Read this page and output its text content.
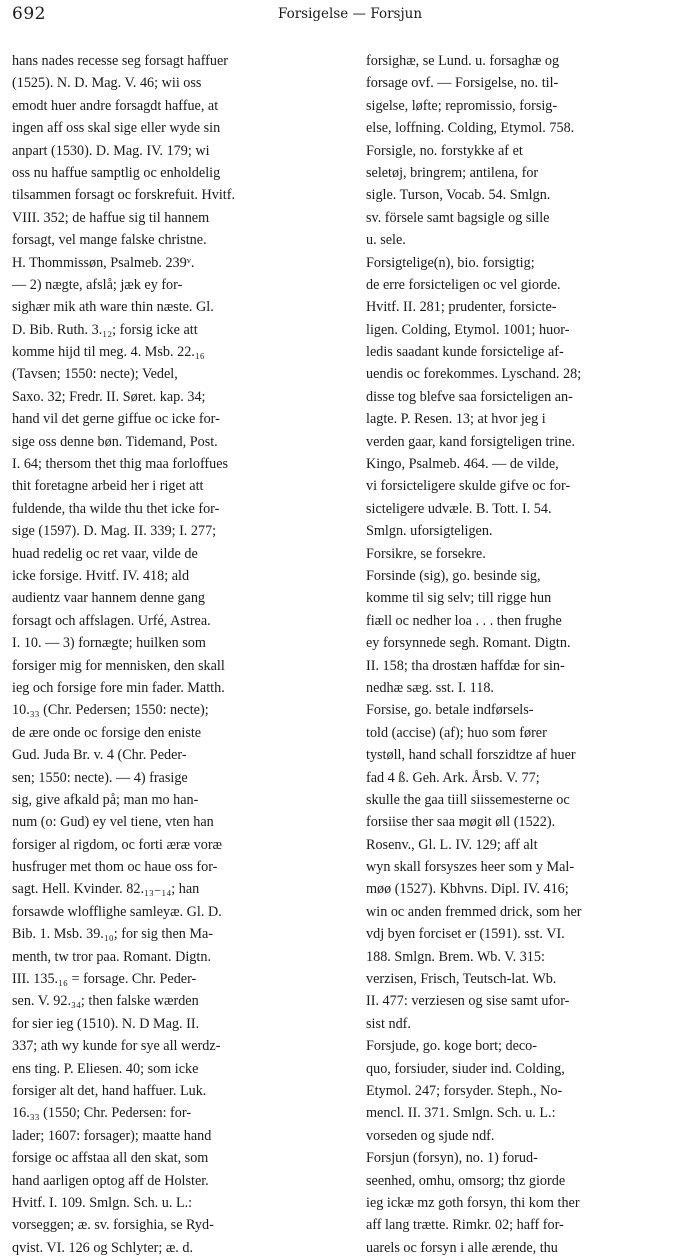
692	Forsigelse — Forsjun
hans nades recesse seg forsagt haffuer
(1525). N. D. Mag. V. 46; wii oss
emodt huer andre forsagdt haffue, at
ingen aff oss skal sige eller wyde sin
anpart (1530). D. Mag. IV. 179; wi
oss nu haffue samptlig oc enholdelig
tilsammen forsagt oc forskrefuit. Hvitf.
VIII. 352; de haffue sig til hannem
forsagt, vel mange falske christne.
H. Thommissøn, Psalmeb. 239ᵛ.
— 2) nægte, afslå; jæk ey for-
sighær mik ath ware thin næste. Gl.
D. Bib. Ruth. 3.₁₂; forsig icke att
komme hijd til meg. 4. Msb. 22.₁₆
(Tavsen; 1550: necte); Vedel,
Saxo. 32; Fredr. II. Søret. kap. 34;
hand vil det gerne giffue oc icke for-
sige oss denne bøn. Tidemand, Post.
I. 64; thersom thet thig maa forloffues
thit foretagne arbeid her i riget att
fuldende, tha wilde thu thet icke for-
sige (1597). D. Mag. II. 339; I. 277;
huad redelig oc ret vaar, vilde de
icke forsige. Hvitf. IV. 418; ald
audientz vaar hannem denne gang
forsagt och affslagen. Urfé, Astrea.
I. 10. — 3) fornægte; huilken som
forsiger mig for mennisken, den skall
ieg och forsige fore min fader. Matth.
10.₃₃ (Chr. Pedersen; 1550: necte);
de ære onde oc forsige den eniste
Gud. Juda Br. v. 4 (Chr. Peder-
sen; 1550: necte). — 4) frasige
sig, give afkald på; man mo han-
num (o: Gud) ey vel tiene, vten han
forsiger al rigdom, oc forti æræ voræ
husfruger met thom oc haue oss for-
sagt. Hell. Kvinder. 82.₁₃₋₁₄; han
forsawde wlofflighe samleyæ. Gl. D.
Bib. 1. Msb. 39.₁₀; for sig then Ma-
menth, tw tror paa. Romant. Digtn.
III. 135.₁₆ = forsage. Chr. Peder-
sen. V. 92.₃₄; then falske wærden
for sier ieg (1510). N. D Mag. II.
337; ath wy kunde for sye all werdz-
ens ting. P. Eliesen. 40; som icke
forsiger alt det, hand haffuer. Luk.
16.₃₃ (1550; Chr. Pedersen: for-
lader; 1607: forsager); maatte hand
forsige oc affstaa all den skat, som
hand aarligen optog aff de Holster.
Hvitf. I. 109. Smlgn. Sch. u. L.:
vorseggen; æ. sv. forsighia, se Ryd-
qvist. VI. 126 og Schlyter; æ. d.
forsighæ, se Lund. u. forsaghæ og
forsage ovf. — Forsigelse, no. til-
sigelse, løfte; repromissio, forsig-
else, loffning. Colding, Etymol. 758.
Forsigle, no. forstykke af et
seletøj, bringrem; antilena, for
sigle. Turson, Vocab. 54. Smlgn.
sv. försele samt bagsigle og sille
u. sele.
Forsigtelige(n), bio. forsigtig;
de erre forsicteligen oc vel giorde.
Hvitf. II. 281; prudenter, forsicte-
ligen. Colding, Etymol. 1001; huor-
ledis saadant kunde forsictelige af-
uendis oc forekommes. Lyschand. 28;
disse tog blefve saa forsicteligen an-
lagte. P. Resen. 13; at hvor jeg i
verden gaar, kand forsigteligen trine.
Kingo, Psalmeb. 464. — de vilde,
vi forsicteligere skulde gifve oc for-
sicteligere udvæle. B. Tott. I. 54.
Smlgn. uforsigteligen.
Forsikre, se forsekre.
Forsinde (sig), go. besinde sig,
komme til sig selv; till rigge hun
fiæll oc nedher loa . . . then frughe
ey forsynnede segh. Romant. Digtn.
II. 158; tha drostæn haffdæ for sin-
nedhæ sæg. sst. I. 118.
Forsise, go. betale indførsels-
told (accise) (af); huo som fører
tystøll, hand schall forszidtze af huer
fad 4 ß. Geh. Ark. Årsb. V. 77;
skulle the gaa tiill siissemesterne oc
forsiise ther saa møgit øll (1522).
Rosenv., Gl. L. IV. 129; aff alt
wyn skall forsyszes heer som y Mal-
møø (1527). Kbhvns. Dipl. IV. 416;
win oc anden fremmed drick, som her
vdj byen forciset er (1591). sst. VI.
188. Smlgn. Brem. Wb. V. 315:
verzisen, Frisch, Teutsch-lat. Wb.
II. 477: verziesen og sise samt ufor-
sist ndf.
Forsjude, go. koge bort; deco-
quo, forsiuder, siuder ind. Colding,
Etymol. 247; forsyder. Steph., No-
mencl. II. 371. Smlgn. Sch. u. L.:
vorseden og sjude ndf.
Forsjun (forsyn), no. 1) forud-
seenhed, omhu, omsorg; thz giorde
ieg ickæ mz goth forsyn, thi kom ther
aff lang trætte. Rimkr. 02; haff for-
uarels oc forsyn i alle ærende, thu
